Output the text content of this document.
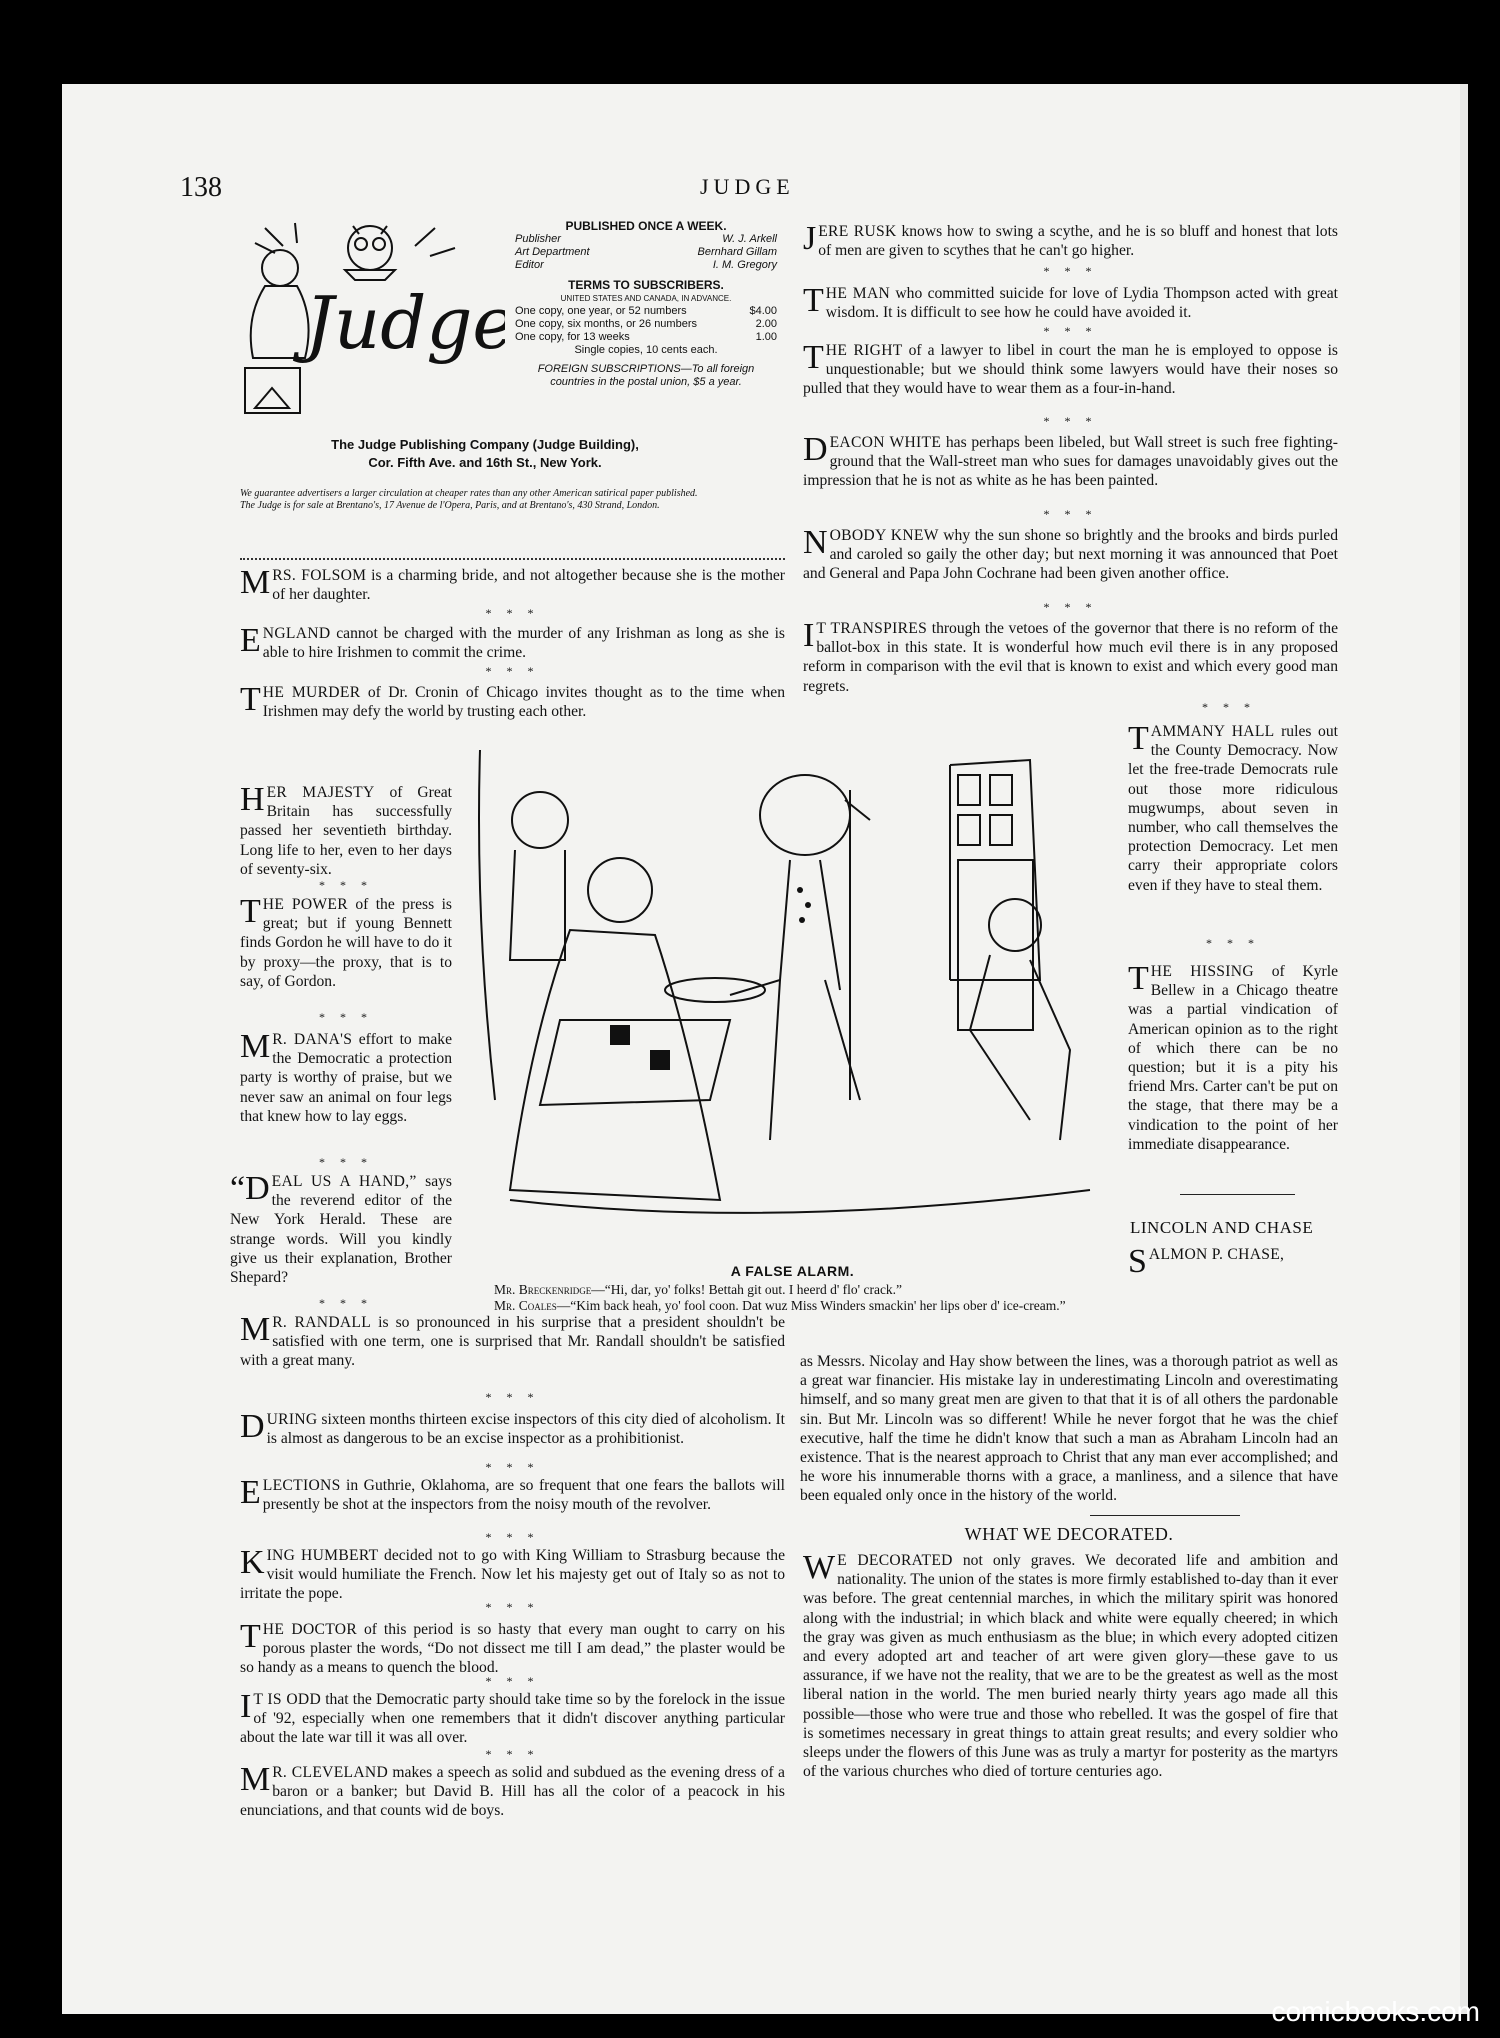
138	JUDGE
Judge
PUBLISHED ONCE A WEEK.
Publisher	W. J. Arkell
Art Department	Bernhard Gillam
Editor	I. M. Gregory
TERMS TO SUBSCRIBERS.
UNITED STATES AND CANADA, IN ADVANCE.
One copy, one year, or 52 numbers	$4.00
One copy, six months, or 26 numbers	2.00
One copy, for 13 weeks	1.00
Single copies, 10 cents each.
FOREIGN SUBSCRIPTIONS—To all foreign countries in the postal union, $5 a year.
The Judge Publishing Company (Judge Building),
Cor. Fifth Ave. and 16th St., New York.
We guarantee advertisers a larger circulation at cheaper rates than any other American satirical paper published.
The Judge is for sale at Brentano's, 17 Avenue de l'Opera, Paris, and at Brentano's, 430 Strand, London.
MRS. FOLSOM is a charming bride, and not altogether because she is the mother of her daughter.
* * *
ENGLAND cannot be charged with the murder of any Irishman as long as she is able to hire Irishmen to commit the crime.
* * *
THE MURDER of Dr. Cronin of Chicago invites thought as to the time when Irishmen may defy the world by trusting each other.
HER MAJESTY of Great Britain has successfully passed her seventieth birthday. Long life to her, even to her days of seventy-six.
* * *
THE POWER of the press is great; but if young Bennett finds Gordon he will have to do it by proxy—the proxy, that is to say, of Gordon.
* * *
M R. DANA'S effort to make the Democratic a protection party is worthy of praise, but we never saw an animal on four legs that knew how to lay eggs.
* * *
“DEAL US A HAND,” says the reverend editor of the New York Herald. These are strange words. Will you kindly give us their explanation, Brother Shepard?
* * *
M R. RANDALL is so pronounced in his surprise that a president shouldn't be satisfied with one term, one is surprised that Mr. Randall shouldn't be satisfied with a great many.
* * *
DURING sixteen months thirteen excise inspectors of this city died of alcoholism. It is almost as dangerous to be an excise inspector as a prohibitionist.
* * *
ELECTIONS in Guthrie, Oklahoma, are so frequent that one fears the ballots will presently be shot at the inspectors from the noisy mouth of the revolver.
* * *
KING HUMBERT decided not to go with King William to Strasburg because the visit would humiliate the French. Now let his majesty get out of Italy so as not to irritate the pope.
* * *
THE DOCTOR of this period is so hasty that every man ought to carry on his porous plaster the words, “Do not dissect me till I am dead,” the plaster would be so handy as a means to quench the blood.
* * *
I T IS ODD that the Democratic party should take time so by the forelock in the issue of '92, especially when one remembers that it didn't discover anything particular about the late war till it was all over.
* * *
M R. CLEVELAND makes a speech as solid and subdued as the evening dress of a baron or a banker; but David B. Hill has all the color of a peacock in his enunciations, and that counts wid de boys.
JERE RUSK knows how to swing a scythe, and he is so bluff and honest that lots of men are given to scythes that he can't go higher.
* * *
THE MAN who committed suicide for love of Lydia Thompson acted with great wisdom. It is difficult to see how he could have avoided it.
* * *
THE RIGHT of a lawyer to libel in court the man he is employed to oppose is unquestionable; but we should think some lawyers would have their noses so pulled that they would have to wear them as a four-in-hand.
* * *
DEACON WHITE has perhaps been libeled, but Wall street is such free fighting-ground that the Wall-street man who sues for damages unavoidably gives out the impression that he is not as white as he has been painted.
* * *
NOBODY KNEW why the sun shone so brightly and the brooks and birds purled and caroled so gaily the other day; but next morning it was announced that Poet and General and Papa John Cochrane had been given another office.
* * *
I T TRANSPIRES through the vetoes of the governor that there is no reform of the ballot-box in this state. It is wonderful how much evil there is in any proposed reform in comparison with the evil that is known to exist and which every good man regrets.
* * *
TAMMANY HALL rules out the County Democracy. Now let the free-trade Democrats rule out those more ridiculous mugwumps, about seven in number, who call themselves the protection Democracy. Let men carry their appropriate colors even if they have to steal them.
* * *
THE HISSING of Kyrle Bellew in a Chicago theatre was a partial vindication of American opinion as to the right of which there can be no question; but it is a pity his friend Mrs. Carter can't be put on the stage, that there may be a vindication to the point of her immediate disappearance.
LINCOLN AND CHASE
SALMON P. CHASE,
as Messrs. Nicolay and Hay show between the lines, was a thorough patriot as well as a great war financier. His mistake lay in underestimating Lincoln and overestimating himself, and so many great men are given to that that it is of all others the pardonable sin. But Mr. Lincoln was so different! While he never forgot that he was the chief executive, half the time he didn't know that such a man as Abraham Lincoln had an existence. That is the nearest approach to Christ that any man ever accomplished; and he wore his innumerable thorns with a grace, a manliness, and a silence that have been equaled only once in the history of the world.
WHAT WE DECORATED.
W E DECORATED not only graves. We decorated life and ambition and nationality. The union of the states is more firmly established to-day than it ever was before. The great centennial marches, in which the military spirit was honored along with the industrial; in which black and white were equally cheered; in which the gray was given as much enthusiasm as the blue; in which every adopted citizen and every adopted art and teacher of art were given glory—these gave to us assurance, if we have not the reality, that we are to be the greatest as well as the most liberal nation in the world. The men buried nearly thirty years ago made all this possible—those who were true and those who rebelled. It was the gospel of fire that is sometimes necessary in great things to attain great results; and every soldier who sleeps under the flowers of this June was as truly a martyr for posterity as the martyrs of the various churches who died of torture centuries ago.
A FALSE ALARM.
Mr. Breckenridge—“Hi, dar, yo' folks! Bettah git out. I heerd d' flo' crack.”
Mr. Coales—“Kim back heah, yo' fool coon. Dat wuz Miss Winders smackin' her lips ober d' ice-cream.”
comicbooks.com
